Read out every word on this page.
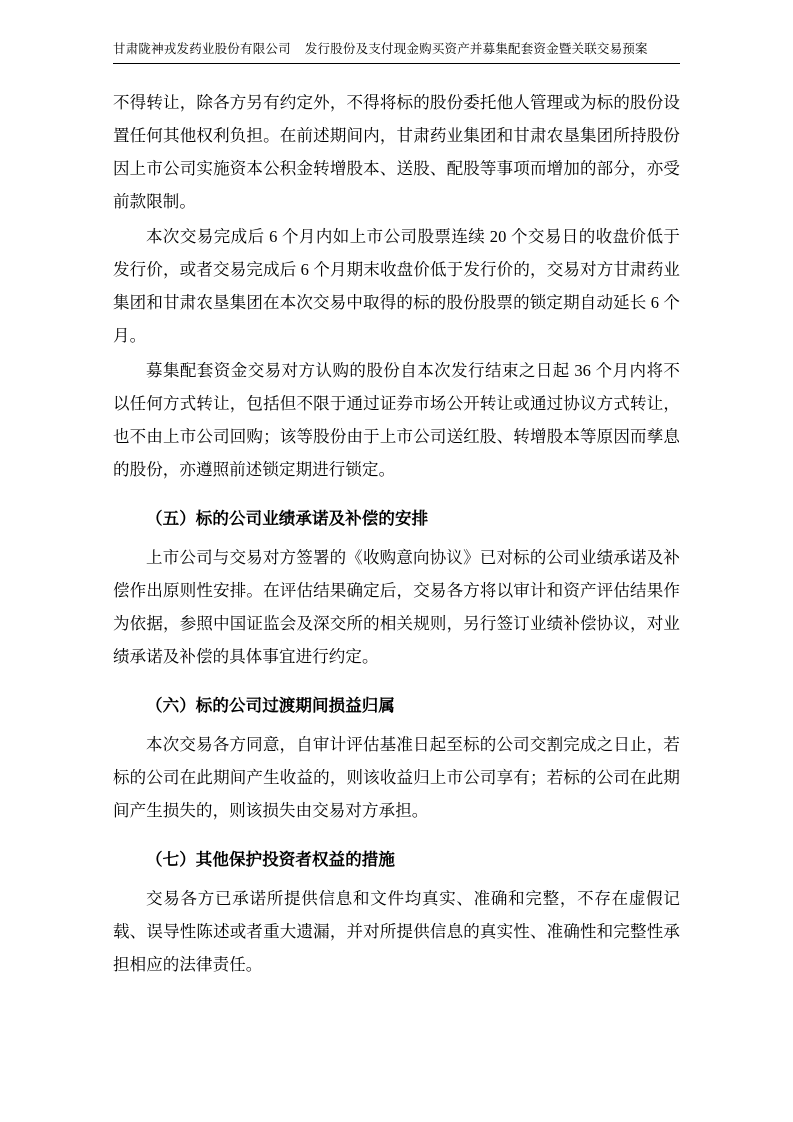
甘肃陇神戎发药业股份有限公司 发行股份及支付现金购买资产并募集配套资金暨关联交易预案

不得转让，除各方另有约定外，不得将标的股份委托他人管理或为标的股份设置任何其他权利负担。在前述期间内，甘肃药业集团和甘肃农垦集团所持股份因上市公司实施资本公积金转增股本、送股、配股等事项而增加的部分，亦受前款限制。

本次交易完成后 6 个月内如上市公司股票连续 20 个交易日的收盘价低于发行价，或者交易完成后 6 个月期末收盘价低于发行价的，交易对方甘肃药业集团和甘肃农垦集团在本次交易中取得的标的股份股票的锁定期自动延长 6 个月。

募集配套资金交易对方认购的股份自本次发行结束之日起 36 个月内将不以任何方式转让，包括但不限于通过证券市场公开转让或通过协议方式转让，也不由上市公司回购；该等股份由于上市公司送红股、转增股本等原因而孳息的股份，亦遵照前述锁定期进行锁定。

（五）标的公司业绩承诺及补偿的安排

上市公司与交易对方签署的《收购意向协议》已对标的公司业绩承诺及补偿作出原则性安排。在评估结果确定后，交易各方将以审计和资产评估结果作为依据，参照中国证监会及深交所的相关规则，另行签订业绩补偿协议，对业绩承诺及补偿的具体事宜进行约定。

（六）标的公司过渡期间损益归属

本次交易各方同意，自审计评估基准日起至标的公司交割完成之日止，若标的公司在此期间产生收益的，则该收益归上市公司享有；若标的公司在此期间产生损失的，则该损失由交易对方承担。

（七）其他保护投资者权益的措施

交易各方已承诺所提供信息和文件均真实、准确和完整，不存在虚假记载、误导性陈述或者重大遗漏，并对所提供信息的真实性、准确性和完整性承担相应的法律责任。
